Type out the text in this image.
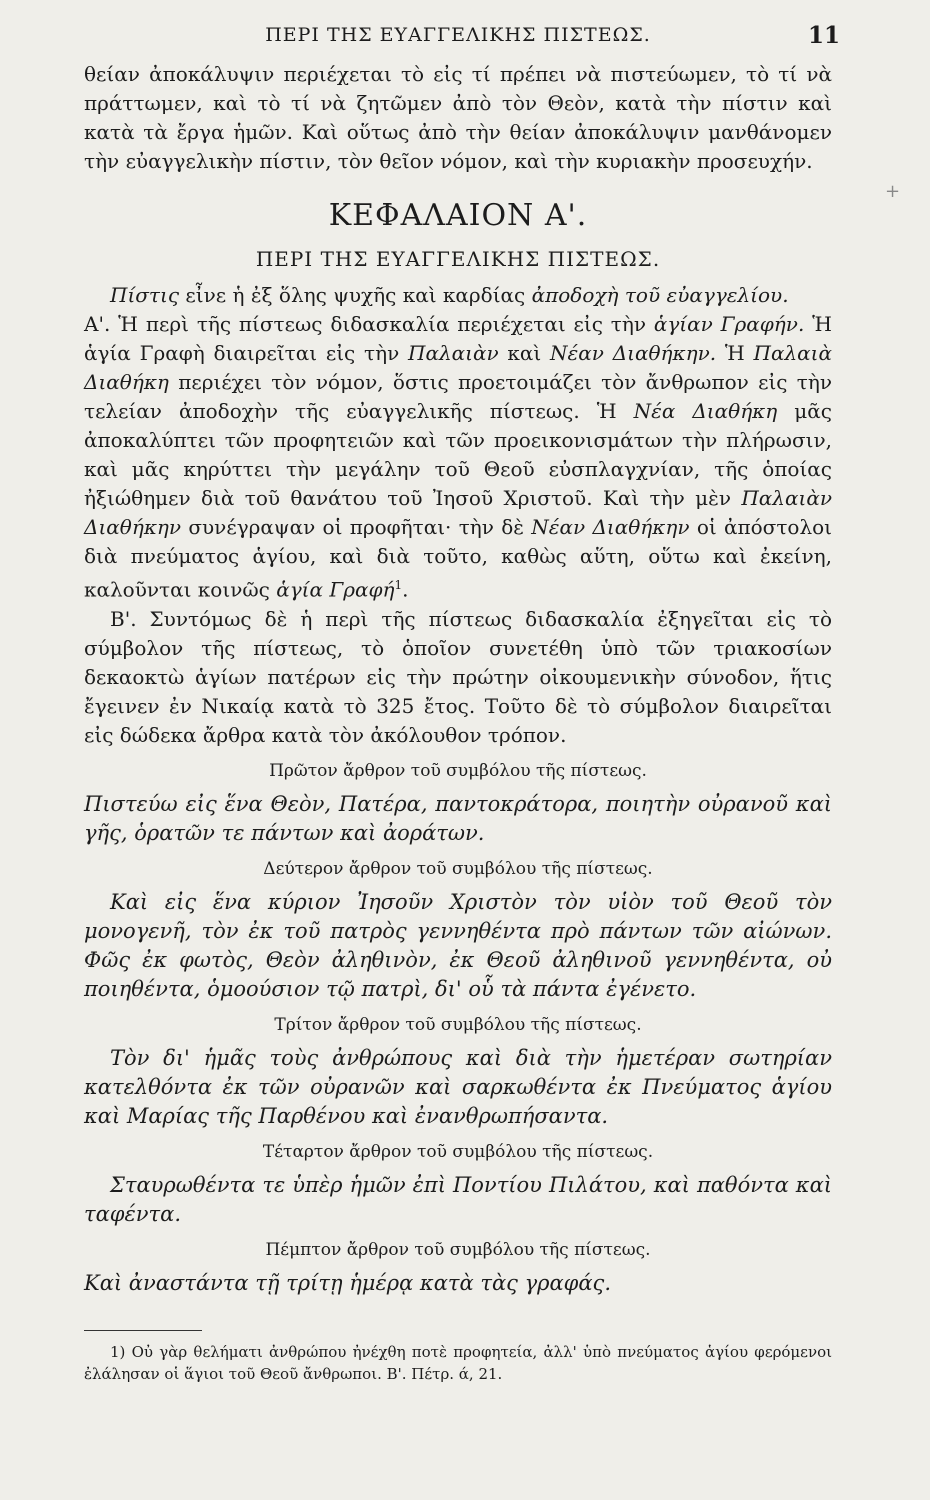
ΠΕΡΙ ΤΗΣ ΕΥΑΓΓΕΛΙΚΗΣ ΠΙΣΤΕΩΣ.	11

θείαν ἀποκάλυψιν περιέχεται τὸ εἰς τί πρέπει νὰ πιστεύωμεν, τὸ τί νὰ πράττωμεν, καὶ τὸ τί νὰ ζητῶμεν ἀπὸ τὸν Θεὸν, κατὰ τὴν πίστιν καὶ κατὰ τὰ ἔργα ἡμῶν. Καὶ οὕτως ἀπὸ τὴν θείαν ἀποκάλυψιν μανθάνομεν τὴν εὐαγγελικὴν πίστιν, τὸν θεῖον νόμον, καὶ τὴν κυριακὴν προσευχήν.

ΚΕΦΑΛΑΙΟΝ Α'.
ΠΕΡΙ ΤΗΣ ΕΥΑΓΓΕΛΙΚΗΣ ΠΙΣΤΕΩΣ.

Πίστις εἶνε ἡ ἐξ ὅλης ψυχῆς καὶ καρδίας ἀποδοχὴ τοῦ εὐαγγελίου.

Α'. Ἡ περὶ τῆς πίστεως διδασκαλία περιέχεται εἰς τὴν ἁγίαν Γραφήν. Ἡ ἁγία Γραφὴ διαιρεῖται εἰς τὴν Παλαιὰν καὶ Νέαν Διαθήκην. Ἡ Παλαιὰ Διαθήκη περιέχει τὸν νόμον, ὅστις προετοιμάζει τὸν ἄνθρωπον εἰς τὴν τελείαν ἀποδοχὴν τῆς εὐαγγελικῆς πίστεως. Ἡ Νέα Διαθήκη μᾶς ἀποκαλύπτει τῶν προφητειῶν καὶ τῶν προεικονισμάτων τὴν πλήρωσιν, καὶ μᾶς κηρύττει τὴν μεγάλην τοῦ Θεοῦ εὐσπλαγχνίαν, τῆς ὁποίας ἠξιώθημεν διὰ τοῦ θανάτου τοῦ Ἰησοῦ Χριστοῦ. Καὶ τὴν μὲν Παλαιὰν Διαθήκην συνέγραψαν οἱ προφῆται· τὴν δὲ Νέαν Διαθήκην οἱ ἀπόστολοι διὰ πνεύματος ἁγίου, καὶ διὰ τοῦτο, καθὼς αὕτη, οὕτω καὶ ἐκείνη, καλοῦνται κοινῶς ἁγία Γραφή$^1$.

Β'. Συντόμως δὲ ἡ περὶ τῆς πίστεως διδασκαλία ἐξηγεῖται εἰς τὸ σύμβολον τῆς πίστεως, τὸ ὁποῖον συνετέθη ὑπὸ τῶν τριακοσίων δεκαοκτὼ ἁγίων πατέρων εἰς τὴν πρώτην οἰκουμενικὴν σύνοδον, ἥτις ἔγεινεν ἐν Νικαίᾳ κατὰ τὸ 325 ἔτος. Τοῦτο δὲ τὸ σύμβολον διαιρεῖται εἰς δώδεκα ἄρθρα κατὰ τὸν ἀκόλουθον τρόπον.

Πρῶτον ἄρθρον τοῦ συμβόλου τῆς πίστεως.

Πιστεύω εἰς ἕνα Θεὸν, Πατέρα, παντοκράτορα, ποιητὴν οὐρανοῦ καὶ γῆς, ὁρατῶν τε πάντων καὶ ἀοράτων.

Δεύτερον ἄρθρον τοῦ συμβόλου τῆς πίστεως.

Καὶ εἰς ἕνα κύριον Ἰησοῦν Χριστὸν τὸν υἱὸν τοῦ Θεοῦ τὸν μονογενῆ, τὸν ἐκ τοῦ πατρὸς γεννηθέντα πρὸ πάντων τῶν αἰώνων. Φῶς ἐκ φωτὸς, Θεὸν ἀληθινὸν, ἐκ Θεοῦ ἀληθινοῦ γεννηθέντα, οὐ ποιηθέντα, ὁμοούσιον τῷ πατρὶ, δι' οὗ τὰ πάντα ἐγένετο.

Τρίτον ἄρθρον τοῦ συμβόλου τῆς πίστεως.

Τὸν δι' ἡμᾶς τοὺς ἀνθρώπους καὶ διὰ τὴν ἡμετέραν σωτηρίαν κατελθόντα ἐκ τῶν οὐρανῶν καὶ σαρκωθέντα ἐκ Πνεύματος ἁγίου καὶ Μαρίας τῆς Παρθένου καὶ ἐνανθρωπήσαντα.

Τέταρτον ἄρθρον τοῦ συμβόλου τῆς πίστεως.

Σταυρωθέντα τε ὑπὲρ ἡμῶν ἐπὶ Ποντίου Πιλάτου, καὶ παθόντα καὶ ταφέντα.

Πέμπτον ἄρθρον τοῦ συμβόλου τῆς πίστεως.

Καὶ ἀναστάντα τῇ τρίτῃ ἡμέρᾳ κατὰ τὰς γραφάς.

1) Οὐ γὰρ θελήματι ἀνθρώπου ἠνέχθη ποτὲ προφητεία, ἀλλ' ὑπὸ πνεύματος ἁγίου φερόμενοι ἐλάλησαν οἱ ἅγιοι τοῦ Θεοῦ ἄνθρωποι. Β'. Πέτρ. ά, 21.

+
